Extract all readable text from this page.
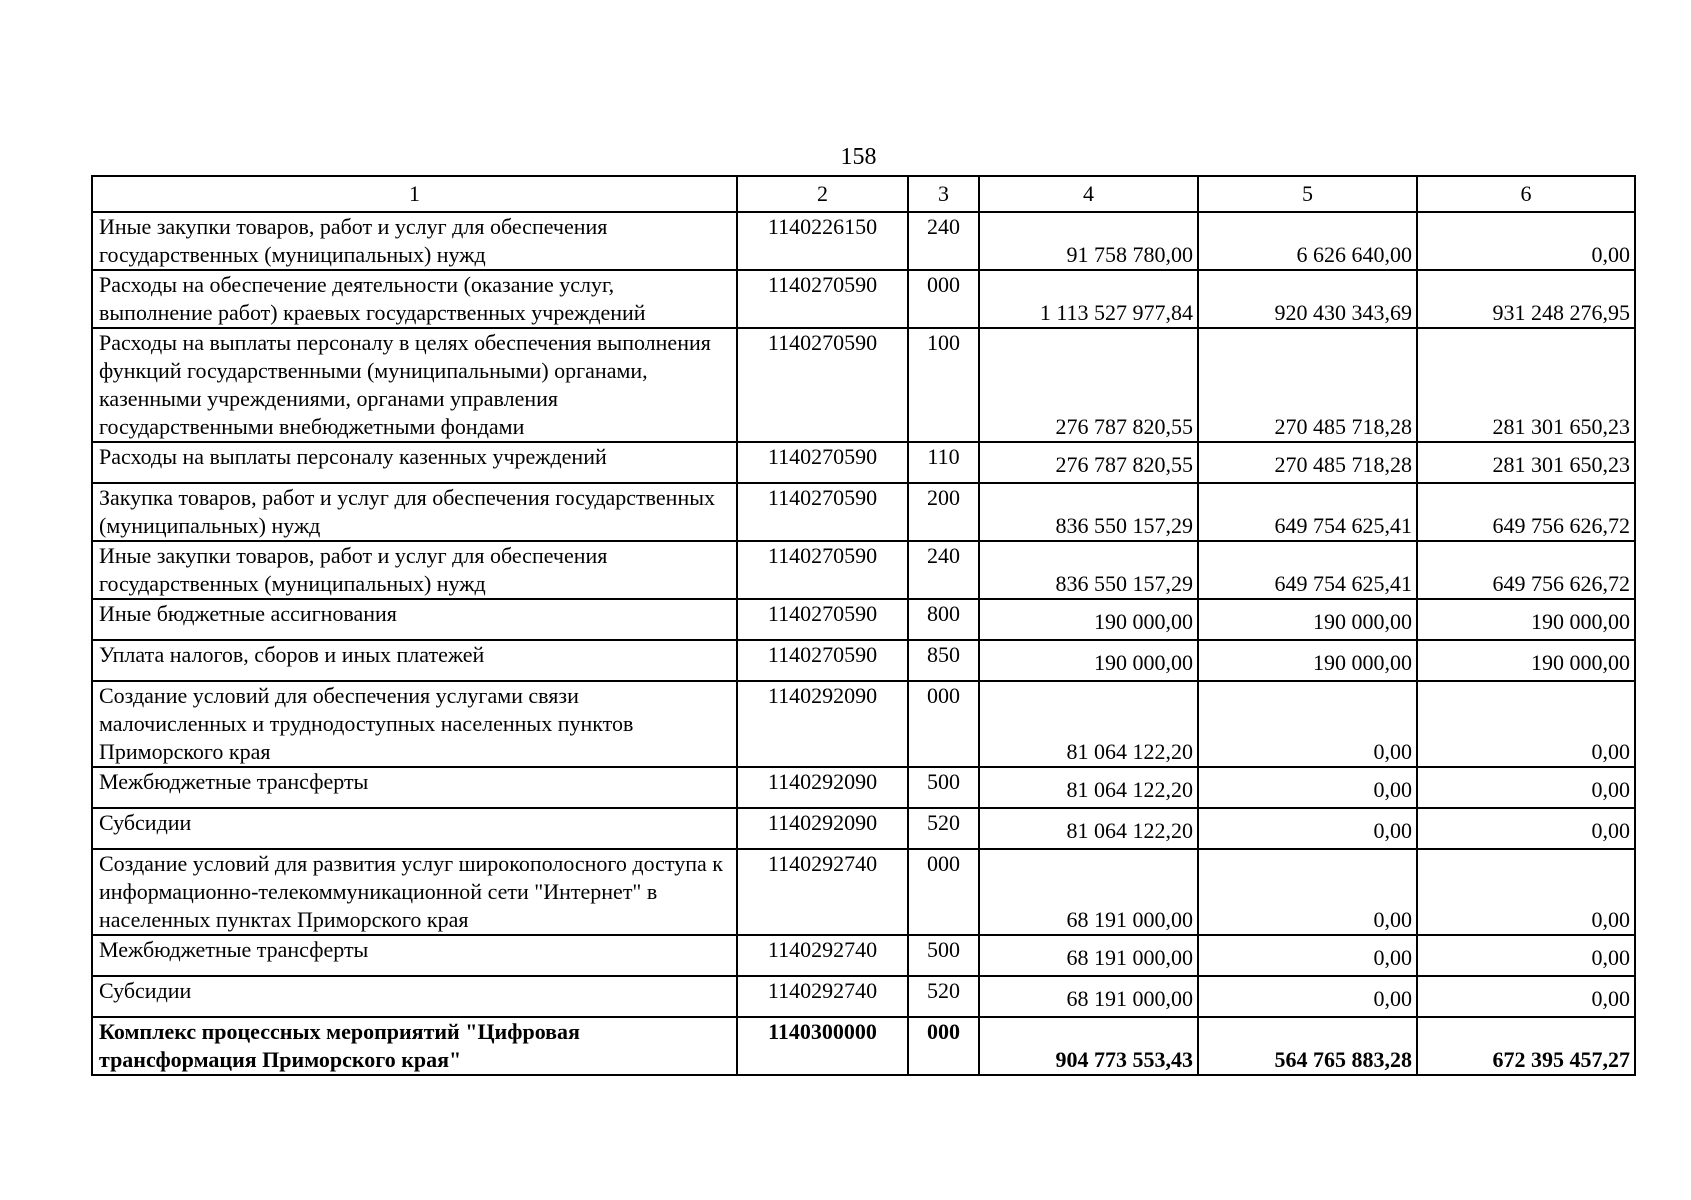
158
1	2	3	4	5	6
Иные закупки товаров, работ и услуг для обеспечения государственных (муниципальных) нужд	1140226150	240	91 758 780,00	6 626 640,00	0,00
Расходы на обеспечение деятельности (оказание услуг, выполнение работ) краевых государственных учреждений	1140270590	000	1 113 527 977,84	920 430 343,69	931 248 276,95
Расходы на выплаты персоналу в целях обеспечения выполнения функций государственными (муниципальными) органами, казенными учреждениями, органами управления государственными внебюджетными фондами	1140270590	100	276 787 820,55	270 485 718,28	281 301 650,23
Расходы на выплаты персоналу казенных учреждений	1140270590	110	276 787 820,55	270 485 718,28	281 301 650,23
Закупка товаров, работ и услуг для обеспечения государственных (муниципальных) нужд	1140270590	200	836 550 157,29	649 754 625,41	649 756 626,72
Иные закупки товаров, работ и услуг для обеспечения государственных (муниципальных) нужд	1140270590	240	836 550 157,29	649 754 625,41	649 756 626,72
Иные бюджетные ассигнования	1140270590	800	190 000,00	190 000,00	190 000,00
Уплата налогов, сборов и иных платежей	1140270590	850	190 000,00	190 000,00	190 000,00
Создание условий для обеспечения услугами связи малочисленных и труднодоступных населенных пунктов Приморского края	1140292090	000	81 064 122,20	0,00	0,00
Межбюджетные трансферты	1140292090	500	81 064 122,20	0,00	0,00
Субсидии	1140292090	520	81 064 122,20	0,00	0,00
Создание условий для развития услуг широкополосного доступа к информационно-телекоммуникационной сети "Интернет" в населенных пунктах Приморского края	1140292740	000	68 191 000,00	0,00	0,00
Межбюджетные трансферты	1140292740	500	68 191 000,00	0,00	0,00
Субсидии	1140292740	520	68 191 000,00	0,00	0,00
Комплекс процессных мероприятий "Цифровая трансформация Приморского края"	1140300000	000	904 773 553,43	564 765 883,28	672 395 457,27
